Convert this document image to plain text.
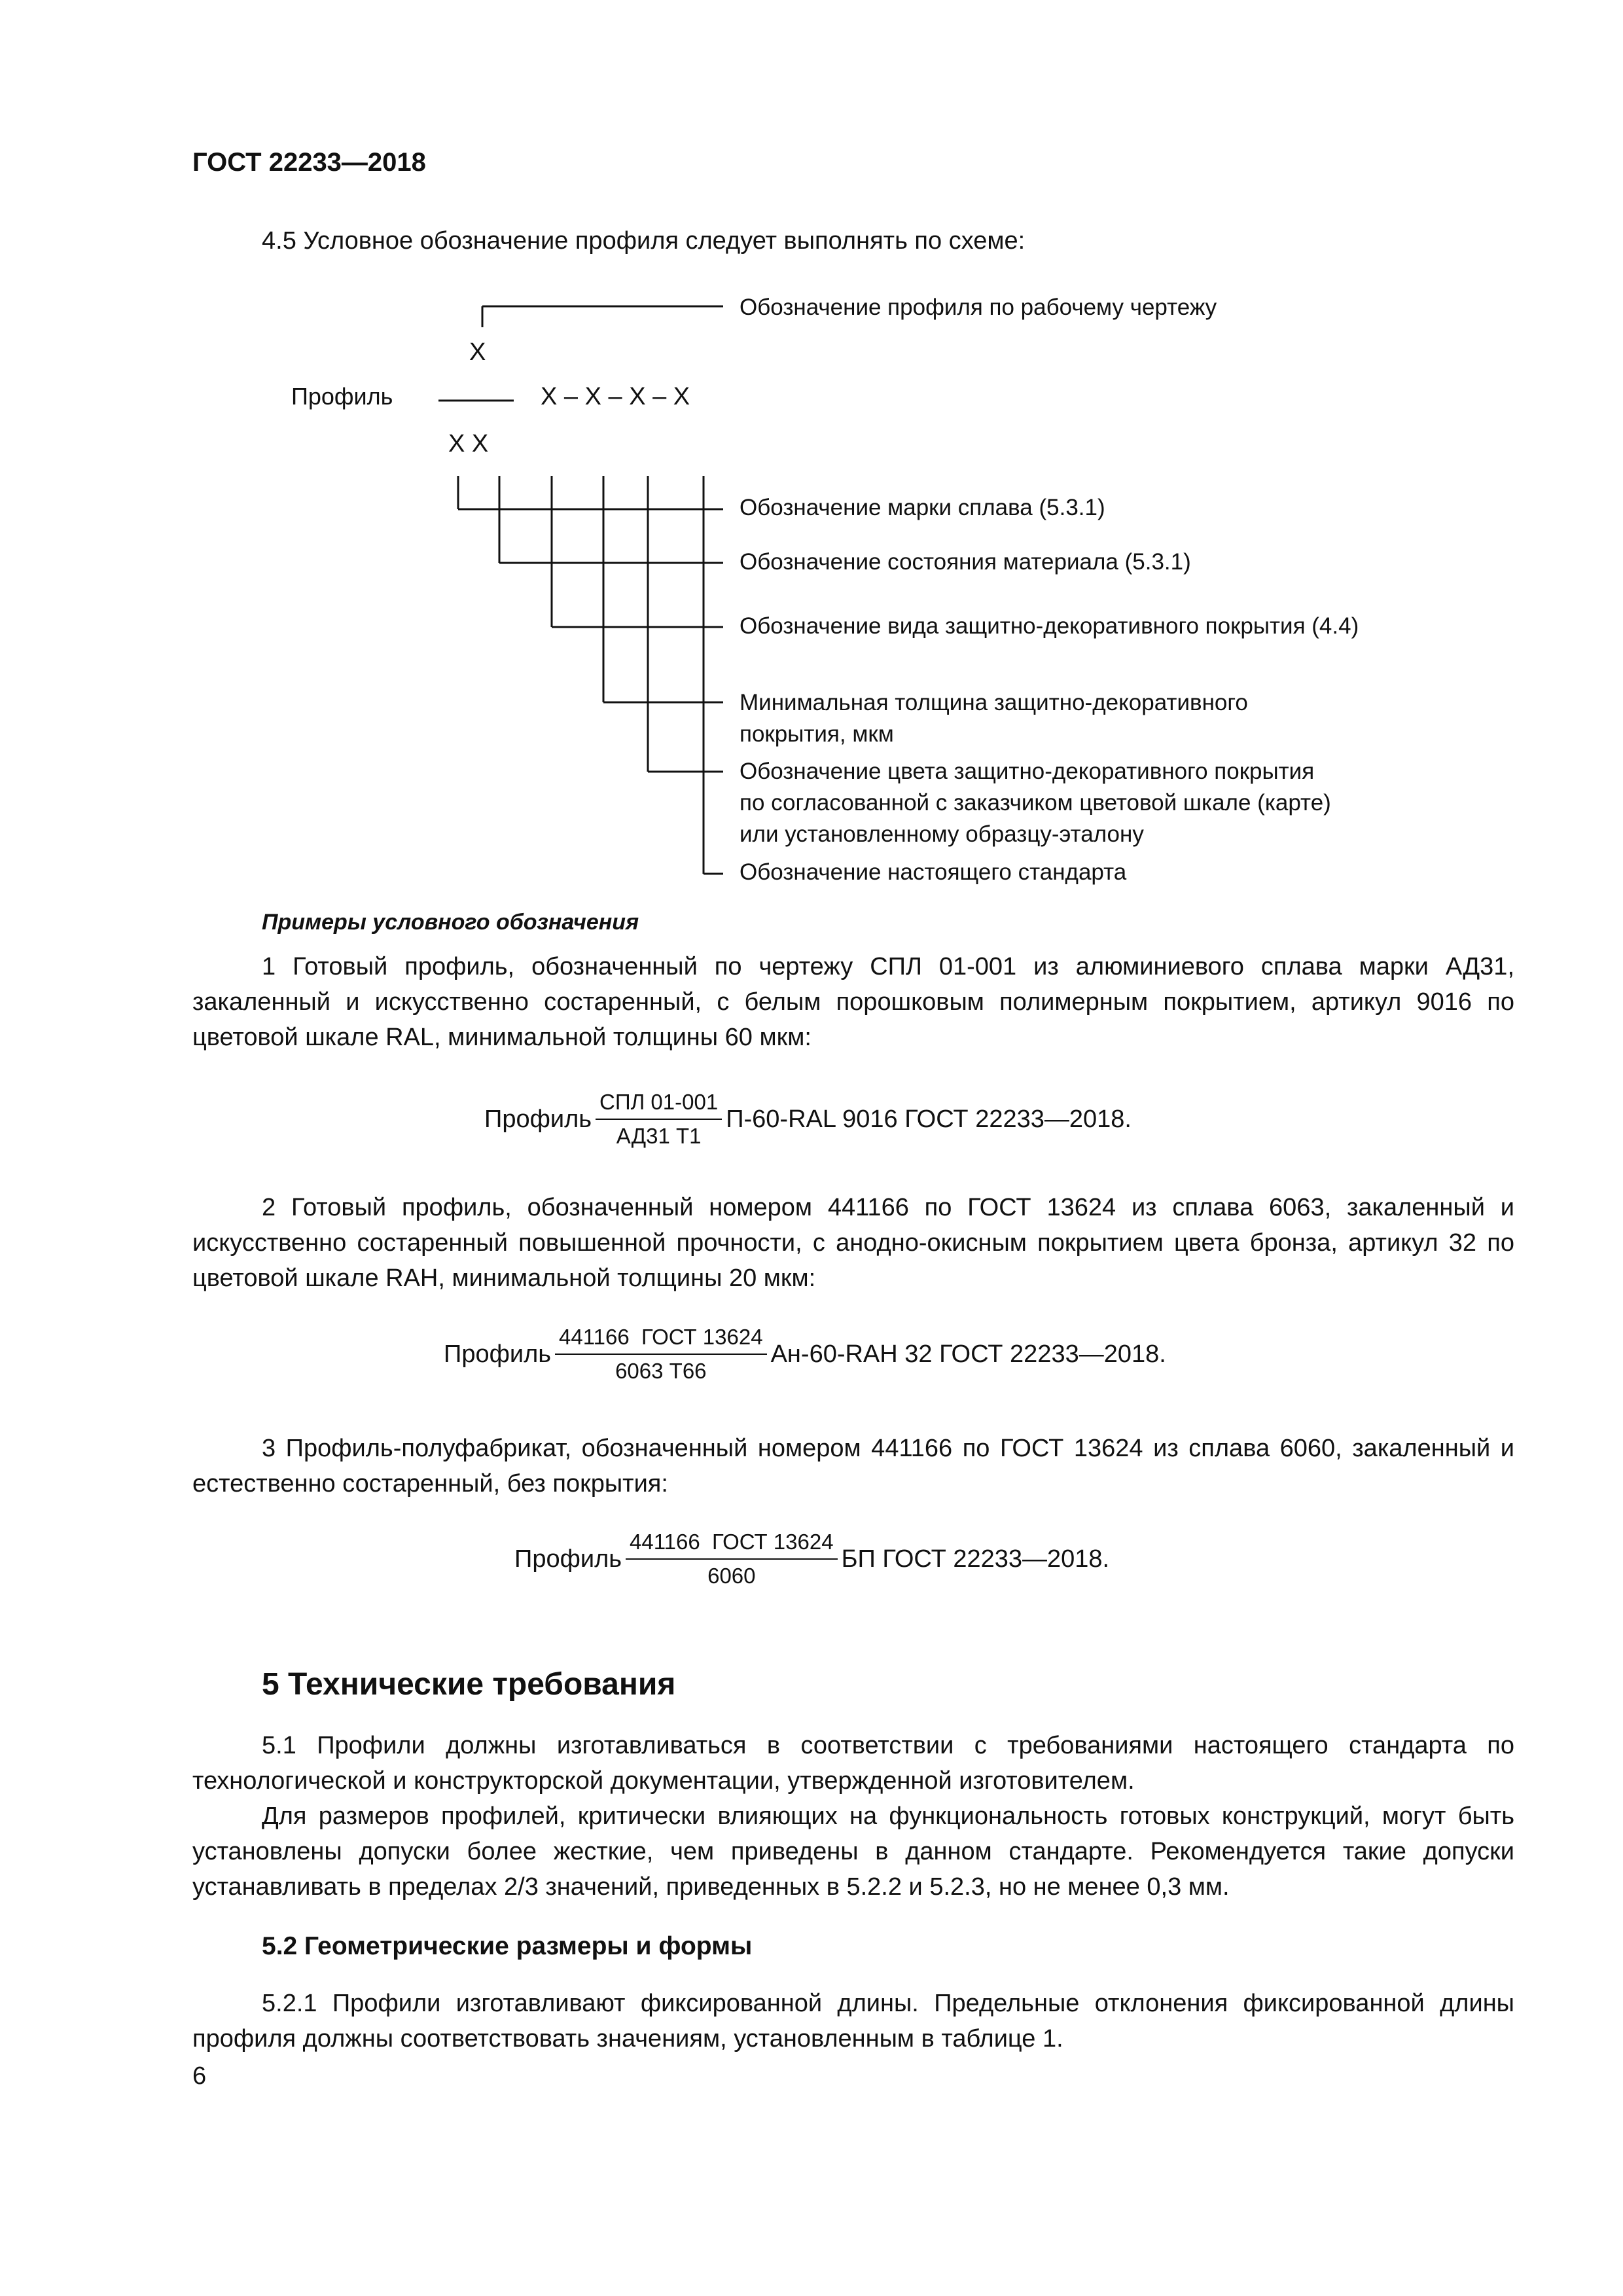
ГОСТ 22233—2018
4.5 Условное обозначение профиля следует выполнять по схеме:
Обозначение профиля по рабочему чертежу
X
Профиль	X – X – X – X
X X
Обозначение марки сплава (5.3.1)
Обозначение состояния материала (5.3.1)
Обозначение вида защитно-декоративного покрытия (4.4)
Минимальная толщина защитно-декоративного
покрытия, мкм
Обозначение цвета защитно-декоративного покрытия
по согласованной с заказчиком цветовой шкале (карте)
или установленному образцу-эталону
Обозначение настоящего стандарта
Примеры условного обозначения
1 Готовый профиль, обозначенный по чертежу СПЛ 01-001 из алюминиевого сплава марки АД31, закаленный и искусственно состаренный, с белым порошковым полимерным покрытием, артикул 9016 по цветовой шкале RAL, минимальной толщины 60 мкм:
Профиль $\frac{\text{СПЛ 01-001}}{АД31 Т1} П-60-RAL$ 9016 ГОСТ 22233—2018.
2 Готовый профиль, обозначенный номером 441166 по ГОСТ 13624 из сплава 6063, закаленный и искусственно состаренный повышенной прочности, с анодно-окисным покрытием цвета бронза, артикул 32 по цветовой шкале RAH, минимальной толщины 20 мкм:
Профиль $\frac{\text{441166  ГОСТ 13624}}{6063 Т66} Ан-60-RAH$ 32 ГОСТ 22233—2018.
3 Профиль-полуфабрикат, обозначенный номером 441166 по ГОСТ 13624 из сплава 6060, закаленный и естественно состаренный, без покрытия:
Профиль $\frac{\text{441166  ГОСТ 13624}}{6060}$ БП ГОСТ 22233—2018.
5 Технические требования
5.1 Профили должны изготавливаться в соответствии с требованиями настоящего стандарта по технологической и конструкторской документации, утвержденной изготовителем.
Для размеров профилей, критически влияющих на функциональность готовых конструкций, могут быть установлены допуски более жесткие, чем приведены в данном стандарте. Рекомендуется такие допуски устанавливать в пределах 2/3 значений, приведенных в 5.2.2 и 5.2.3, но не менее 0,3 мм.
5.2 Геометрические размеры и формы
5.2.1 Профили изготавливают фиксированной длины. Предельные отклонения фиксированной длины профиля должны соответствовать значениям, установленным в таблице 1.
6
